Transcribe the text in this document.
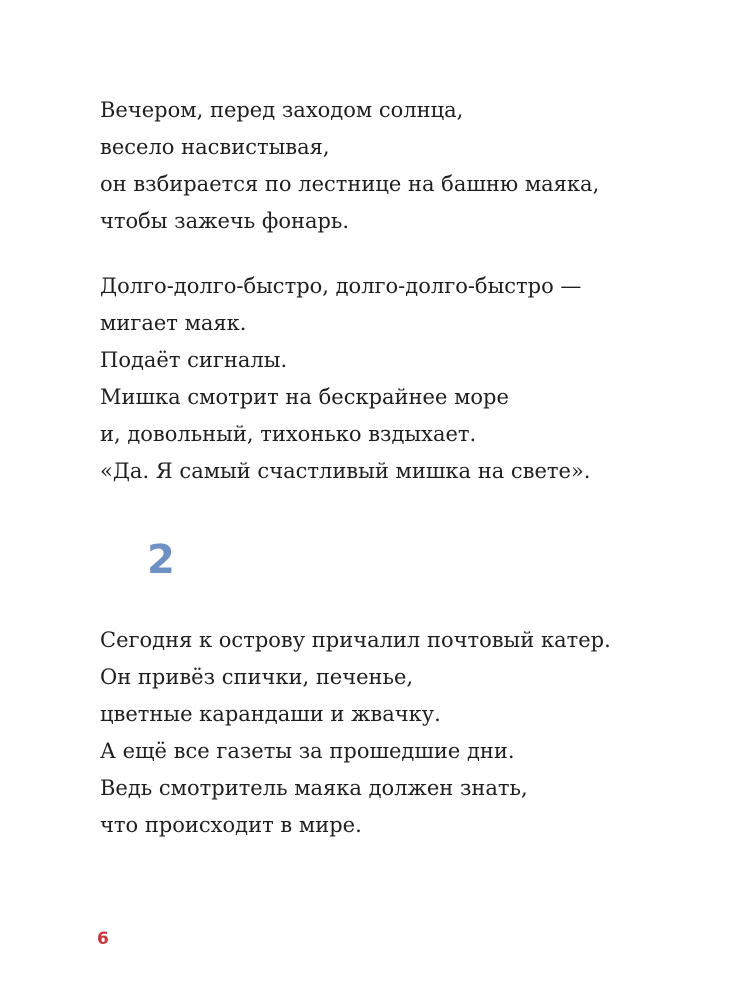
Вечером, перед заходом солнца,
весело насвистывая,
он взбирается по лестнице на башню маяка,
чтобы зажечь фонарь.
Долго-долго-быстро, долго-долго-быстро —
мигает маяк.
Подаёт сигналы.
Мишка смотрит на бескрайнее море
и, довольный, тихонько вздыхает.
«Да. Я самый счастливый мишка на свете».
2
Сегодня к острову причалил почтовый катер.
Он привёз спички, печенье,
цветные карандаши и жвачку.
А ещё все газеты за прошедшие дни.
Ведь смотритель маяка должен знать,
что происходит в мире.
6
